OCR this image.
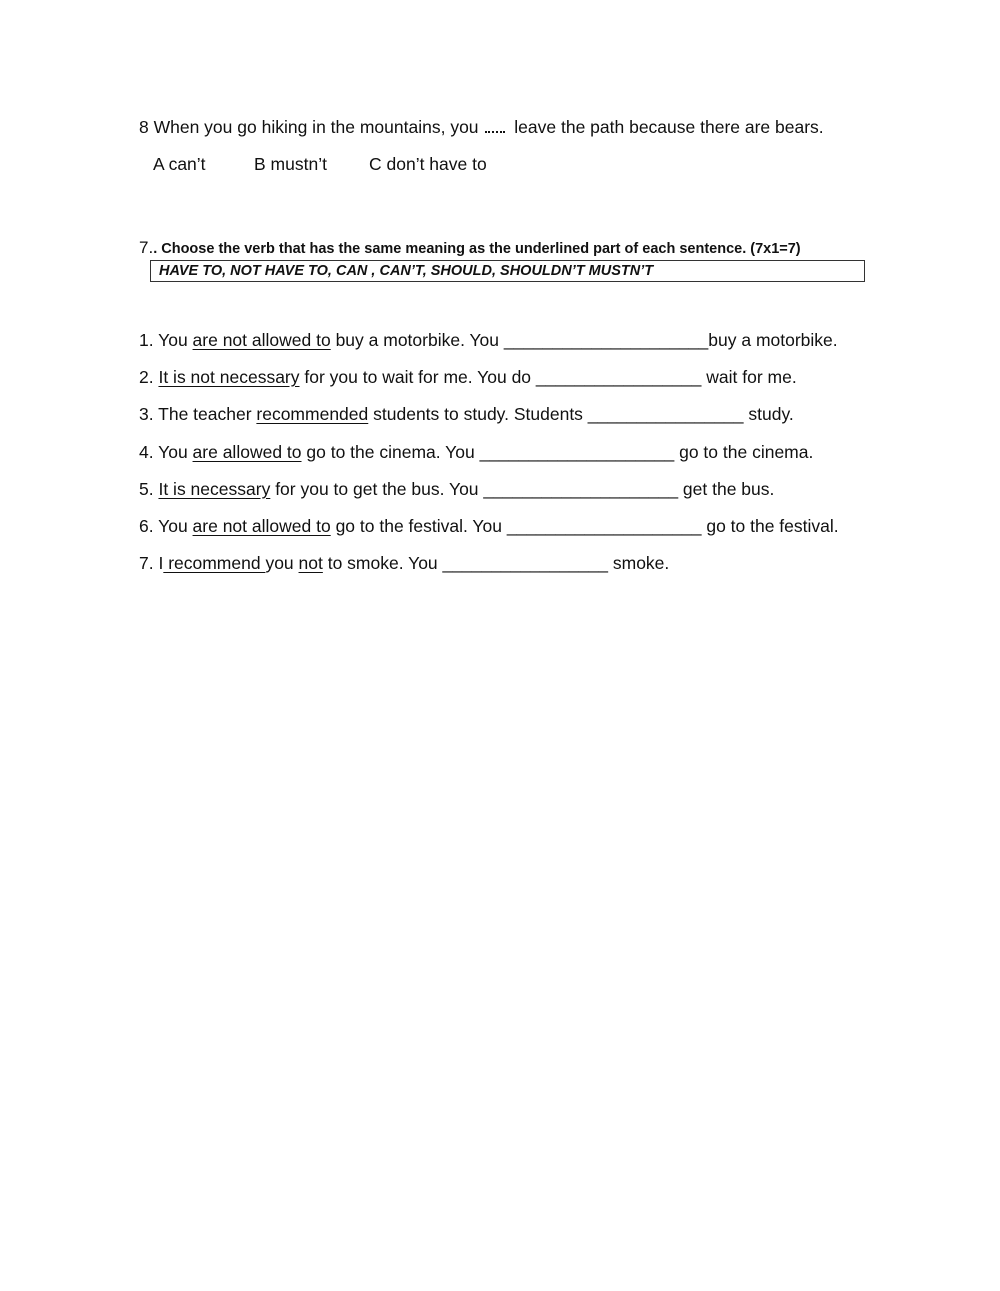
8 When you go hiking in the mountains, you leave the path because there are bears.
A can’t	B mustn’t C don’t have to
7.. Choose the verb that has the same meaning as the underlined part of each sentence. (7x1=7)
HAVE TO, NOT HAVE TO, CAN , CAN’T, SHOULD, SHOULDN’T MUSTN’T
1. You are not allowed to buy a motorbike. You _____________________buy a motorbike.
2. It is not necessary for you to wait for me. You do _________________ wait for me.
3. The teacher recommended students to study. Students ________________ study.
4. You are allowed to go to the cinema. You ____________________ go to the cinema.
5. It is necessary for you to get the bus. You ____________________ get the bus.
6. You are not allowed to go to the festival. You ____________________ go to the festival.
7. I recommend you not to smoke. You _________________ smoke.
